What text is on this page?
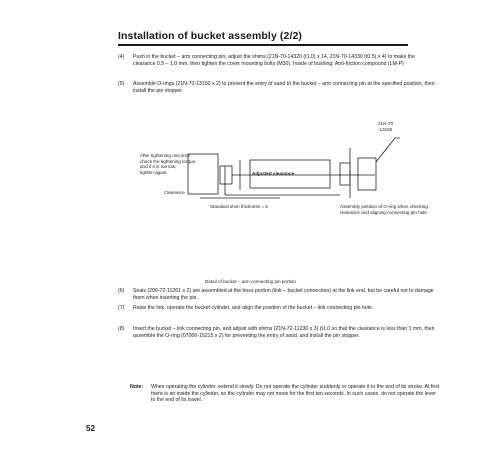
Installation of bucket assembly (2/2)
(4) Push in the bucket – arm connecting pin, adjust the shims (21N-70-14320 (t1.0) x 14, 21N-70-14330 (t0.5) x 4) to make the clearance 0.5 – 1.0 mm, then tighten the cover mounting bolts (M30). Inside of bushing: Anti-friction compound (LM-P)
(5) Assemble O-rings (21N-70-13150 x 2) to prevent the entry of sand to the bucket – arm connecting pin at the specified position, then install the pin stopper.
21N-70
-13150
After tightening one time,
check the tightening torque,
and if it is too low,
tighten again.	Adjusted clearance
Clearance
Standard shim thickness = 8	Assembly position of O-ring when checking
clearance and aligning connecting pin hole
Detail of bucket – arm connecting pin portion
(6) Seals (209-72-11261 x 2) are assembled at the boss portion (link – bucket connection) at the link end, but be careful not to damage them when inserting the pin.
(7) Raise the link, operate the bucket cylinder, and align the position of the bucket – link connecting pin hole.
(8) Insert the bucket – link connecting pin, and adjust with shims (21N-72-11230 x 3) (t1.0 so that the clearance is less than 1 mm, then assemble the O-ring (07000-15215 x 2) for preventing the entry of sand, and install the pin stopper.
Note: When operating the cylinder, extend it slowly. Do not operate the cylinder suddenly or operate it to the end of its stroke. At first there is air inside the cylinder, so the cylinder may not move for the first ten seconds. In such cases, do not operate the lever to the end of its travel.
52
